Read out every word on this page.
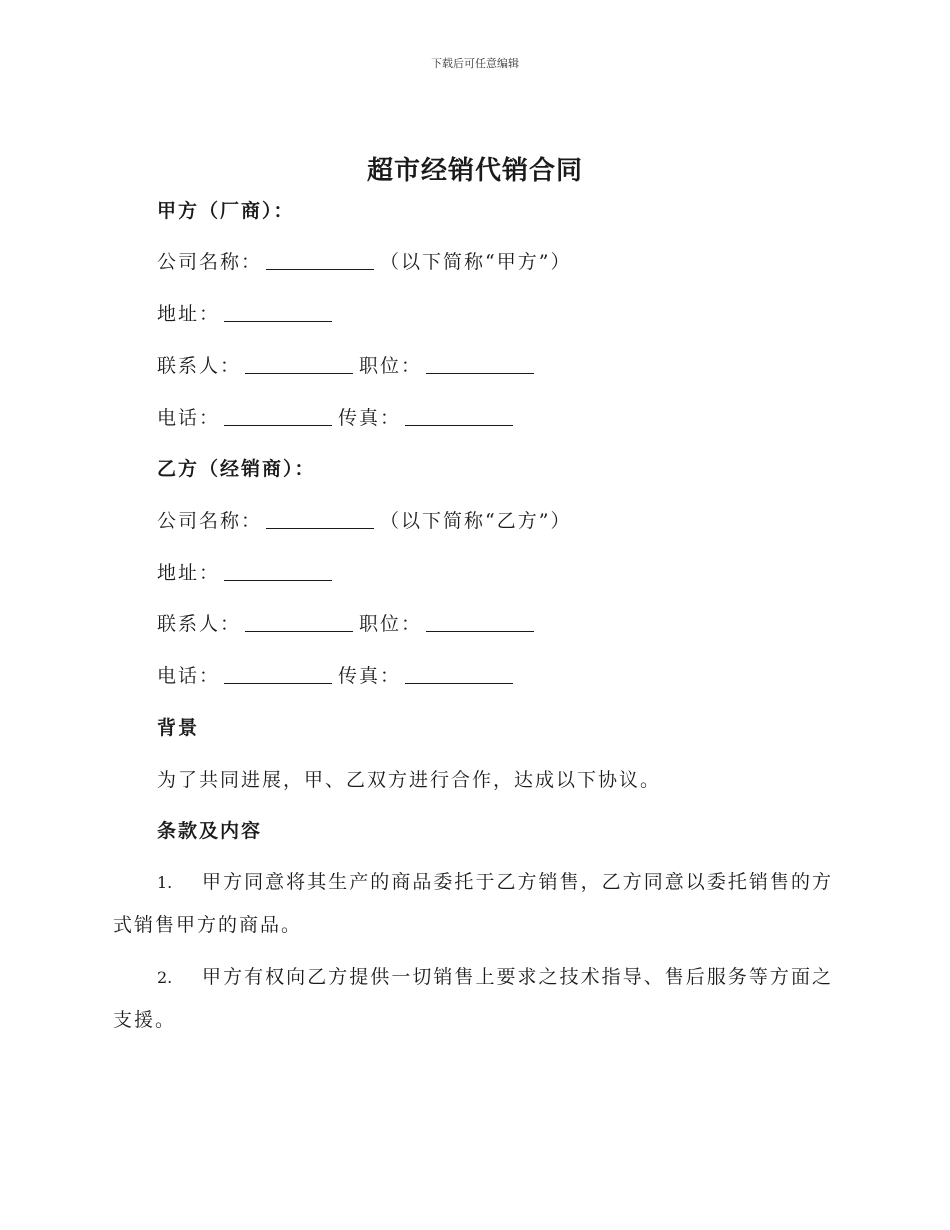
下载后可任意编辑
超市经销代销合同
甲方（厂商）：
公司名称：	（以下简称“甲方”）
地址：
联系人：	职位：
电话：	传真：
乙方（经销商）：
公司名称：	（以下简称“乙方”）
地址：
联系人：	职位：
电话：	传真：
背景
为了共同进展，甲、乙双方进行合作，达成以下协议。
条款及内容
1. 甲方同意将其生产的商品委托于乙方销售，乙方同意以委托销售的方式销售甲方的商品。
2. 甲方有权向乙方提供一切销售上要求之技术指导、售后服务等方面之支援。
